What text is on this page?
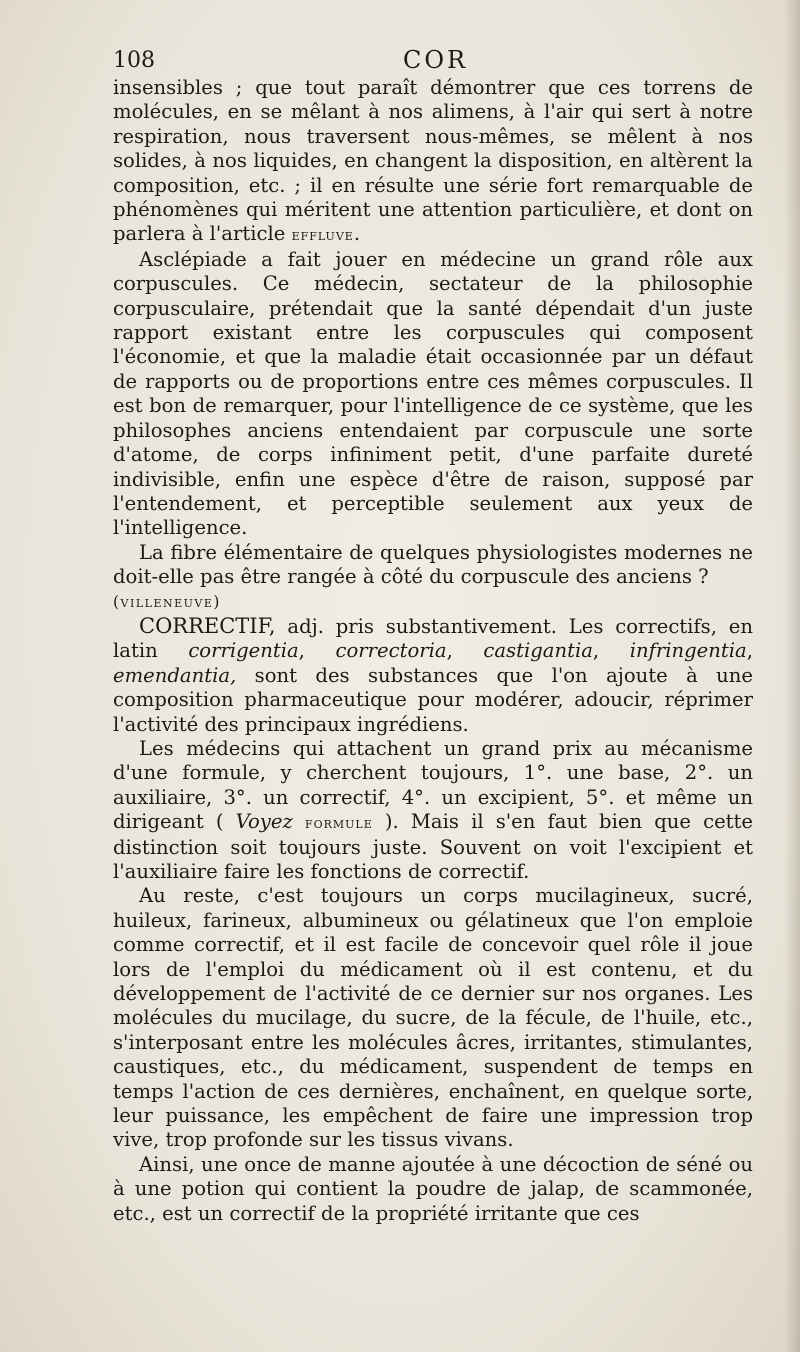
108	COR

insensibles ; que tout paraît démontrer que ces torrens de molécules, en se mêlant à nos alimens, à l'air qui sert à notre respiration, nous traversent nous-mêmes, se mêlent à nos solides, à nos liquides, en changent la disposition, en altèrent la composition, etc. ; il en résulte une série fort remarquable de phénomènes qui méritent une attention particulière, et dont on parlera à l'article effluve.

Asclépiade a fait jouer en médecine un grand rôle aux corpuscules. Ce médecin, sectateur de la philosophie corpusculaire, prétendait que la santé dépendait d'un juste rapport existant entre les corpuscules qui composent l'économie, et que la maladie était occasionnée par un défaut de rapports ou de proportions entre ces mêmes corpuscules. Il est bon de remarquer, pour l'intelligence de ce système, que les philosophes anciens entendaient par corpuscule une sorte d'atome, de corps infiniment petit, d'une parfaite dureté indivisible, enfin une espèce d'être de raison, supposé par l'entendement, et perceptible seulement aux yeux de l'intelligence.

La fibre élémentaire de quelques physiologistes modernes ne doit-elle pas être rangée à côté du corpuscule des anciens ?

(villeneuve)

CORRECTIF, adj. pris substantivement. Les correctifs, en latin corrigentia, correctoria, castigantia, infringentia, emendantia, sont des substances que l'on ajoute à une composition pharmaceutique pour modérer, adoucir, réprimer l'activité des principaux ingrédiens.

Les médecins qui attachent un grand prix au mécanisme d'une formule, y cherchent toujours, 1°. une base, 2°. un auxiliaire, 3°. un correctif, 4°. un excipient, 5°. et même un dirigeant ( Voyez formule ). Mais il s'en faut bien que cette distinction soit toujours juste. Souvent on voit l'excipient et l'auxiliaire faire les fonctions de correctif.

Au reste, c'est toujours un corps mucilagineux, sucré, huileux, farineux, albumineux ou gélatineux que l'on emploie comme correctif, et il est facile de concevoir quel rôle il joue lors de l'emploi du médicament où il est contenu, et du développement de l'activité de ce dernier sur nos organes. Les molécules du mucilage, du sucre, de la fécule, de l'huile, etc., s'interposant entre les molécules âcres, irritantes, stimulantes, caustiques, etc., du médicament, suspendent de temps en temps l'action de ces dernières, enchaînent, en quelque sorte, leur puissance, les empêchent de faire une impression trop vive, trop profonde sur les tissus vivans.

Ainsi, une once de manne ajoutée à une décoction de séné ou à une potion qui contient la poudre de jalap, de scammonée, etc., est un correctif de la propriété irritante que ces
